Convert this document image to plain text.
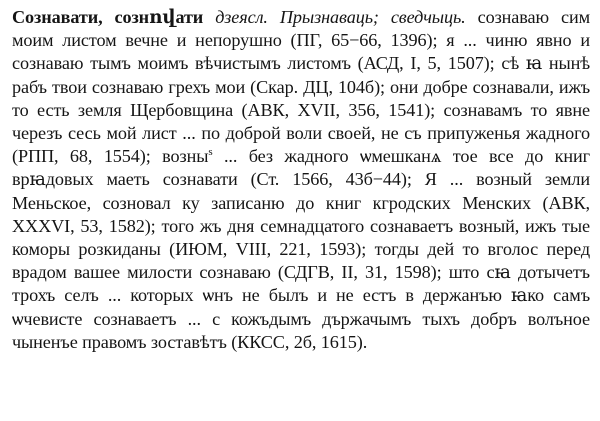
Сознавати, сознովати дзеясл. Прызнаваць; сведчыць. сознаваю сим моим листом вечне и непорушно (ПГ, 65−66, 1396); я ... чиню явно и сознаваю тымъ моимъ вѣчистымъ листомъ (АСД, I, 5, 1507); сѣ ꙗ нынѣ рабъ твои сознаваю грехъ мои (Скар. ДЦ, 104б); они добре сознавали, ижъ то есть земля Щербовщина (АВК, XVII, 356, 1541); сознавамъ то явне черезъ сесь мой лист ... по доброй воли своей, не съ припуженья жадного (РПП, 68, 1554); возны$^s$ ... без жадного ѡмешканѧ тое все до книг врꙗдовых маеть сознавати (Ст. 1566, 43б−44); Я ... возный земли Меньское, созновал ку записаню до книг кгродских Менских (АВК, XXXVI, 53, 1582); того жъ дня семнадцатого сознаваетъ возный, ижъ тые коморы розкиданы (ИЮМ, VIII, 221, 1593); тогды дей то вголос перед врадом вашее милости сознаваю (СДГВ, II, 31, 1598); што сꙗ дотычетъ трохъ селъ ... которых ѡнъ не былъ и не естъ в держанъю ꙗко самъ ѡчевисте сознаваетъ ... с кожъдымъ държачымъ тыхъ добръ волъное чыненъе правомъ зоставѣтъ (ККСС, 2б, 1615).
